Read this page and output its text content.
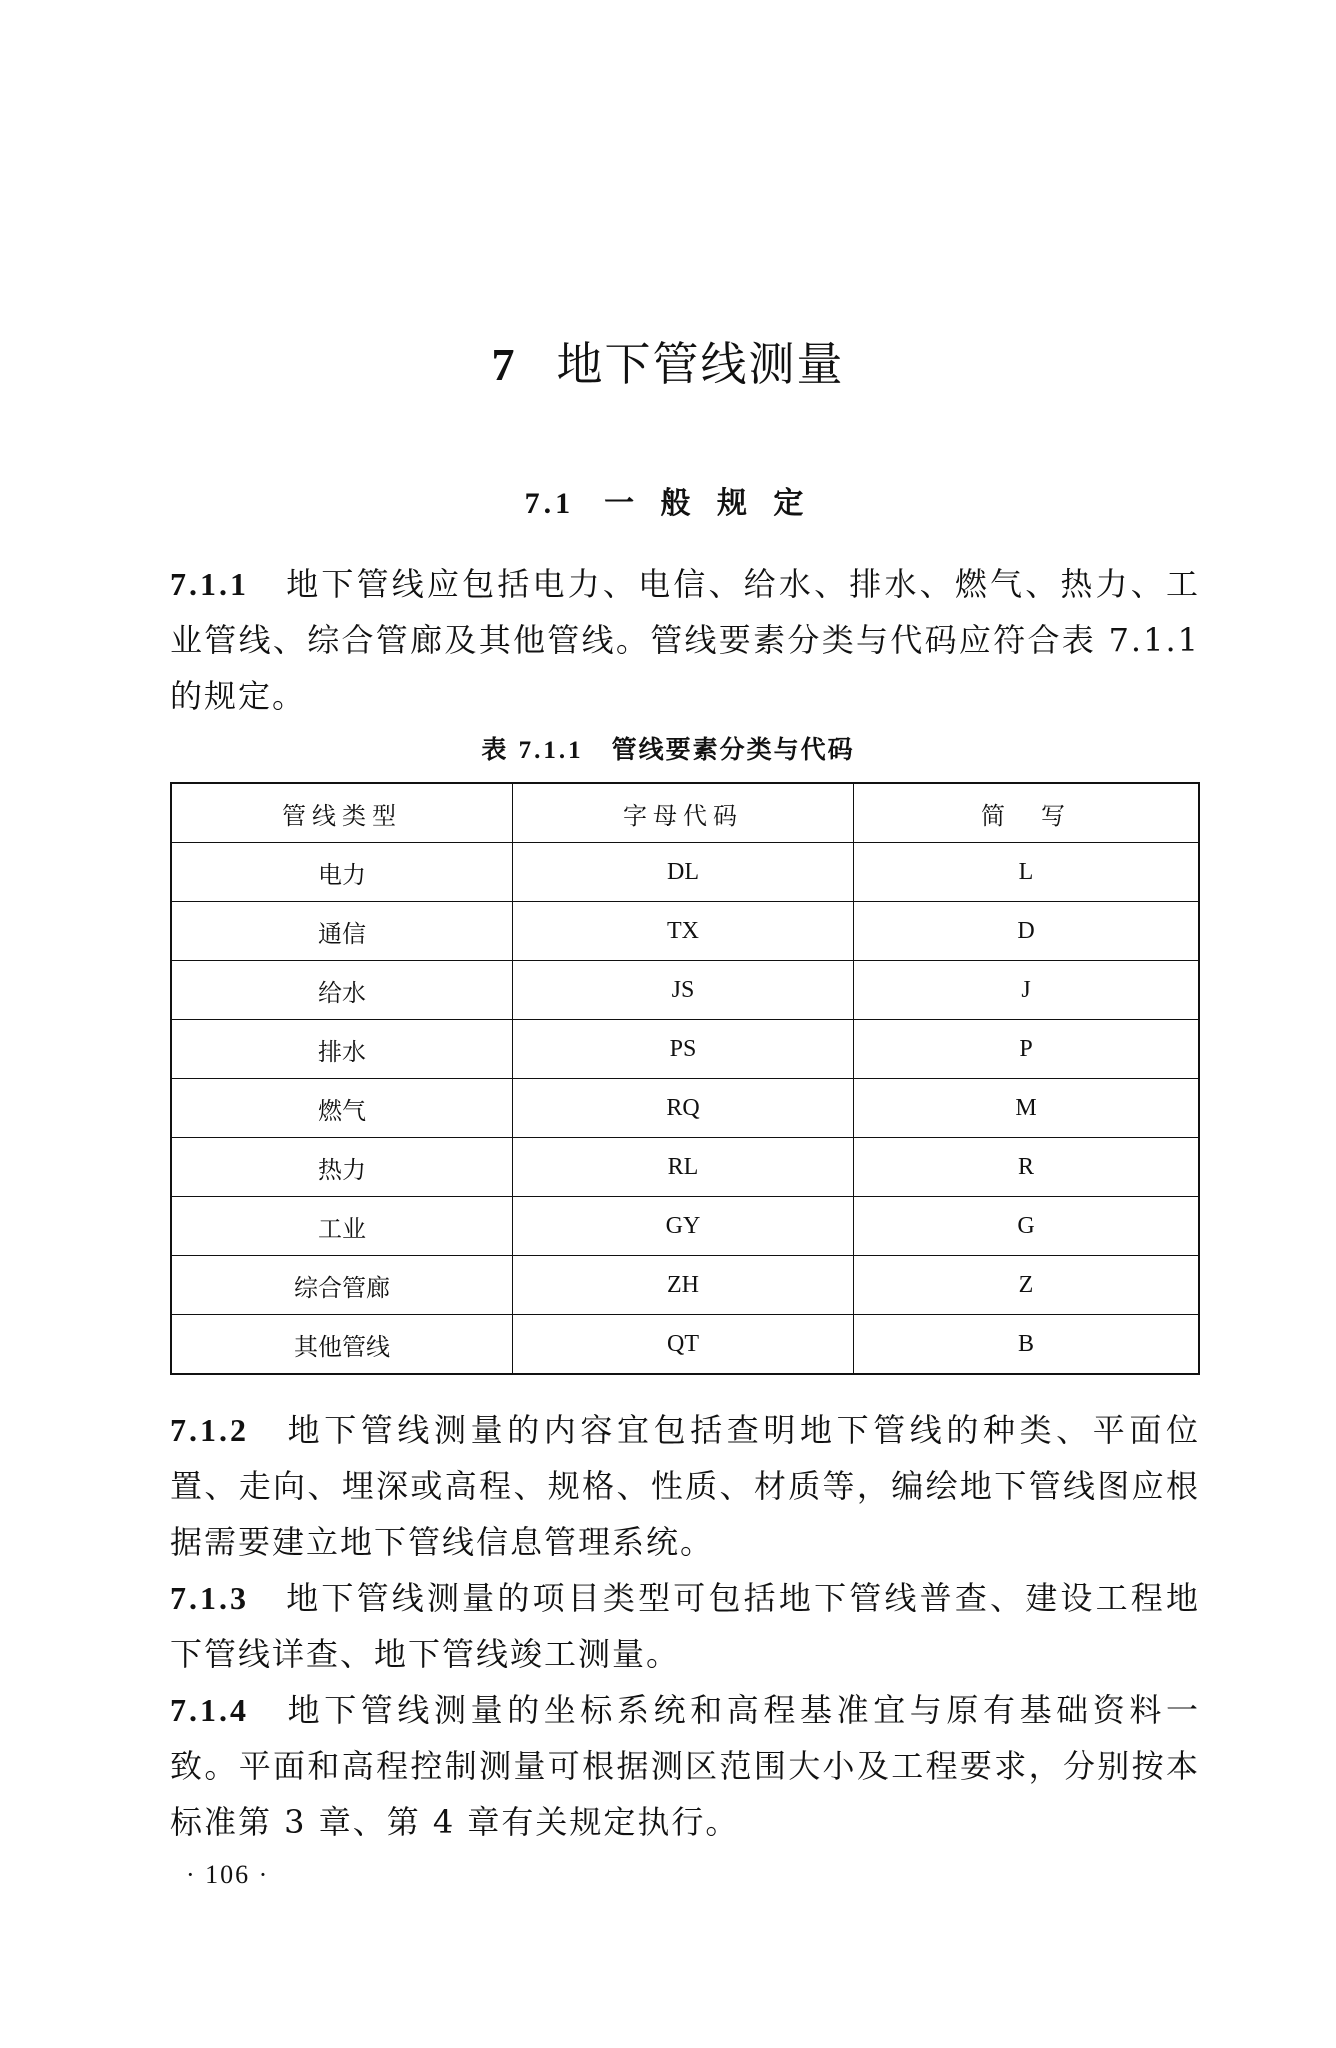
7 地下管线测量
7.1 一 般 规 定
7.1.1 地下管线应包括电力、电信、给水、排水、燃气、热力、工业管线、综合管廊及其他管线。管线要素分类与代码应符合表 7.1.1 的规定。
表 7.1.1 管线要素分类与代码
管线类型	字母代码	简　写
电力	DL	L
通信	TX	D
给水	JS	J
排水	PS	P
燃气	RQ	M
热力	RL	R
工业	GY	G
综合管廊	ZH	Z
其他管线	QT	B
7.1.2 地下管线测量的内容宜包括查明地下管线的种类、平面位置、走向、埋深或高程、规格、性质、材质等，编绘地下管线图应根据需要建立地下管线信息管理系统。
7.1.3 地下管线测量的项目类型可包括地下管线普查、建设工程地下管线详查、地下管线竣工测量。
7.1.4 地下管线测量的坐标系统和高程基准宜与原有基础资料一致。平面和高程控制测量可根据测区范围大小及工程要求，分别按本标准第 3 章、第 4 章有关规定执行。
· 106 ·
